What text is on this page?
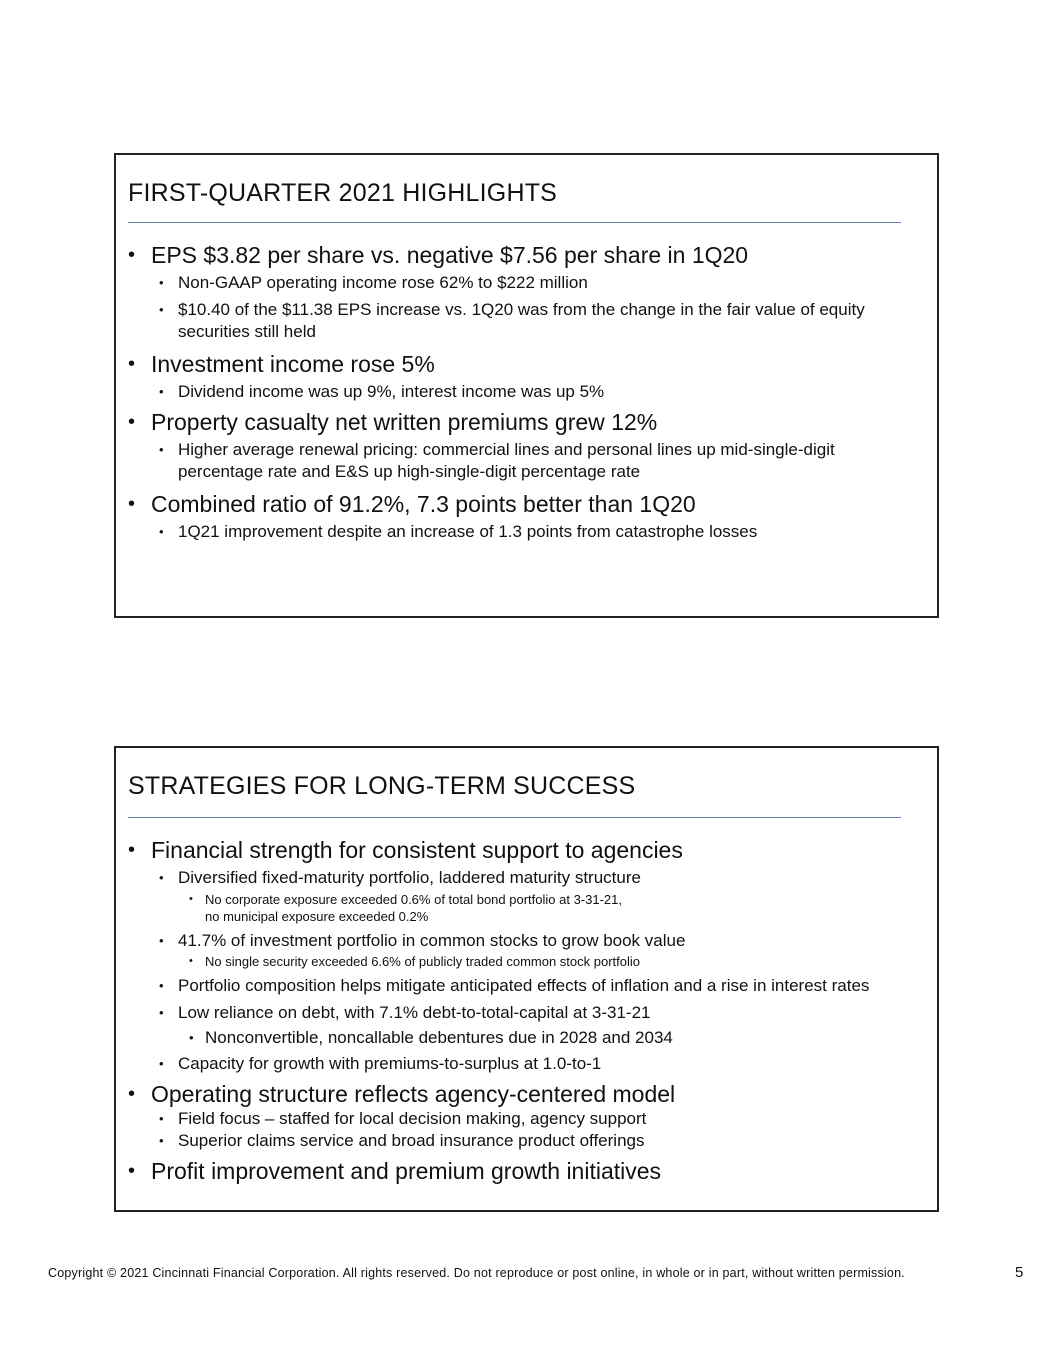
FIRST-QUARTER 2021 HIGHLIGHTS
• EPS $3.82 per share vs. negative $7.56 per share in 1Q20
• Non-GAAP operating income rose 62% to $222 million
• $10.40 of the $11.38 EPS increase vs. 1Q20 was from the change in the fair value of equity securities still held
• Investment income rose 5%
• Dividend income was up 9%, interest income was up 5%
• Property casualty net written premiums grew 12%
• Higher average renewal pricing: commercial lines and personal lines up mid-single-digit percentage rate and E&S up high-single-digit percentage rate
• Combined ratio of 91.2%, 7.3 points better than 1Q20
• 1Q21 improvement despite an increase of 1.3 points from catastrophe losses
STRATEGIES FOR LONG-TERM SUCCESS
• Financial strength for consistent support to agencies
• Diversified fixed-maturity portfolio, laddered maturity structure
• No corporate exposure exceeded 0.6% of total bond portfolio at 3-31-21,
no municipal exposure exceeded 0.2%
• 41.7% of investment portfolio in common stocks to grow book value
• No single security exceeded 6.6% of publicly traded common stock portfolio
• Portfolio composition helps mitigate anticipated effects of inflation and a rise in interest rates
• Low reliance on debt, with 7.1% debt-to-total-capital at 3-31-21
• Nonconvertible, noncallable debentures due in 2028 and 2034
• Capacity for growth with premiums-to-surplus at 1.0-to-1
• Operating structure reflects agency-centered model
• Field focus – staffed for local decision making, agency support
• Superior claims service and broad insurance product offerings
• Profit improvement and premium growth initiatives
Copyright © 2021 Cincinnati Financial Corporation. All rights reserved. Do not reproduce or post online, in whole or in part, without written permission.	5
